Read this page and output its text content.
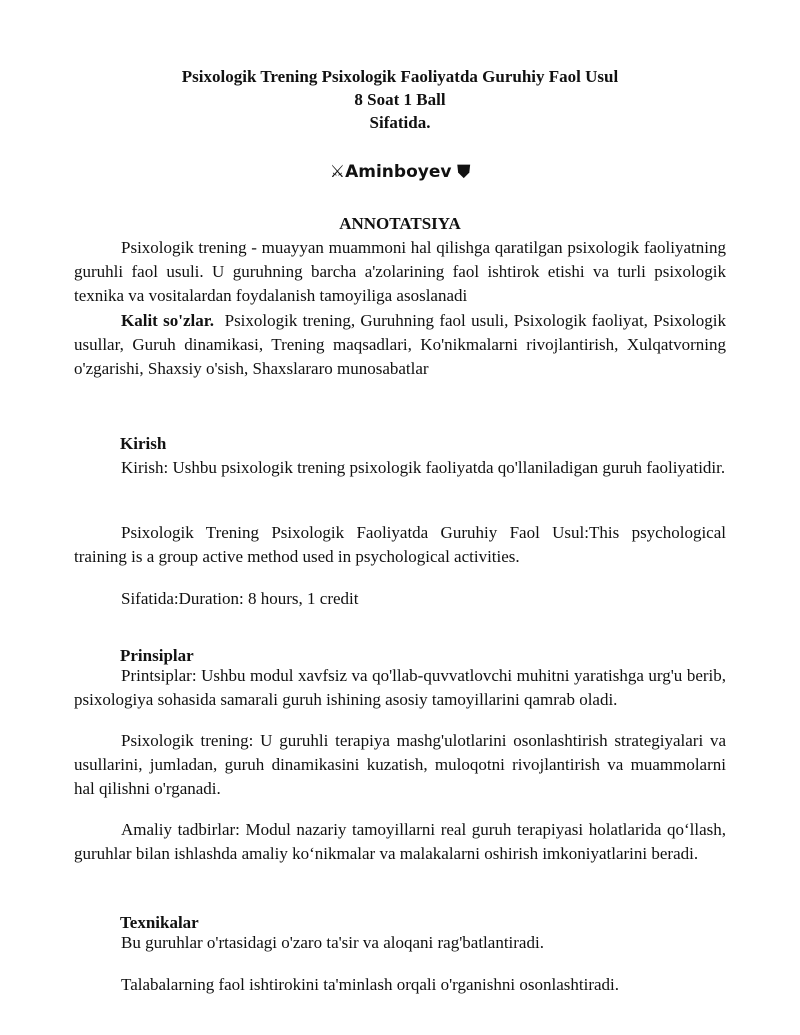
Psixologik Trening Psixologik Faoliyatda Guruhiy Faol Usul
8 Soat 1 Ball
Sifatida.
⚔Aminboyev ⛊
ANNOTATSIYA

Psixologik trening - muayyan muammoni hal qilishga qaratilgan psixologik faoliyatning guruhli faol usuli. U guruhning barcha a'zolarining faol ishtirok etishi va turli psixologik texnika va vositalardan foydalanish tamoyiliga asoslanadi

Kalit so'zlar. Psixologik trening, Guruhning faol usuli, Psixologik faoliyat, Psixologik usullar, Guruh dinamikasi, Trening maqsadlari, Ko'nikmalarni rivojlantirish, Xulqatvorning o'zgarishi, Shaxsiy o'sish, Shaxslararo munosabatlar

Kirish

Kirish: Ushbu psixologik trening psixologik faoliyatda qo'llaniladigan guruh faoliyatidir.

Psixologik Trening Psixologik Faoliyatda Guruhiy Faol Usul:This psychological training is a group active method used in psychological activities.

Sifatida:Duration: 8 hours, 1 credit
Prinsiplar

Printsiplar: Ushbu modul xavfsiz va qo'llab-quvvatlovchi muhitni yaratishga urg'u berib, psixologiya sohasida samarali guruh ishining asosiy tamoyillarini qamrab oladi.

Psixologik trening: U guruhli terapiya mashg'ulotlarini osonlashtirish strategiyalari va usullarini, jumladan, guruh dinamikasini kuzatish, muloqotni rivojlantirish va muammolarni hal qilishni o'rganadi.

Amaliy tadbirlar: Modul nazariy tamoyillarni real guruh terapiyasi holatlarida qo‘llash, guruhlar bilan ishlashda amaliy ko‘nikmalar va malakalarni oshirish imkoniyatlarini beradi.

Texnikalar
Bu guruhlar o'rtasidagi o'zaro ta'sir va aloqani rag'batlantiradi.
Talabalarning faol ishtirokini ta'minlash orqali o'rganishni osonlashtiradi.
